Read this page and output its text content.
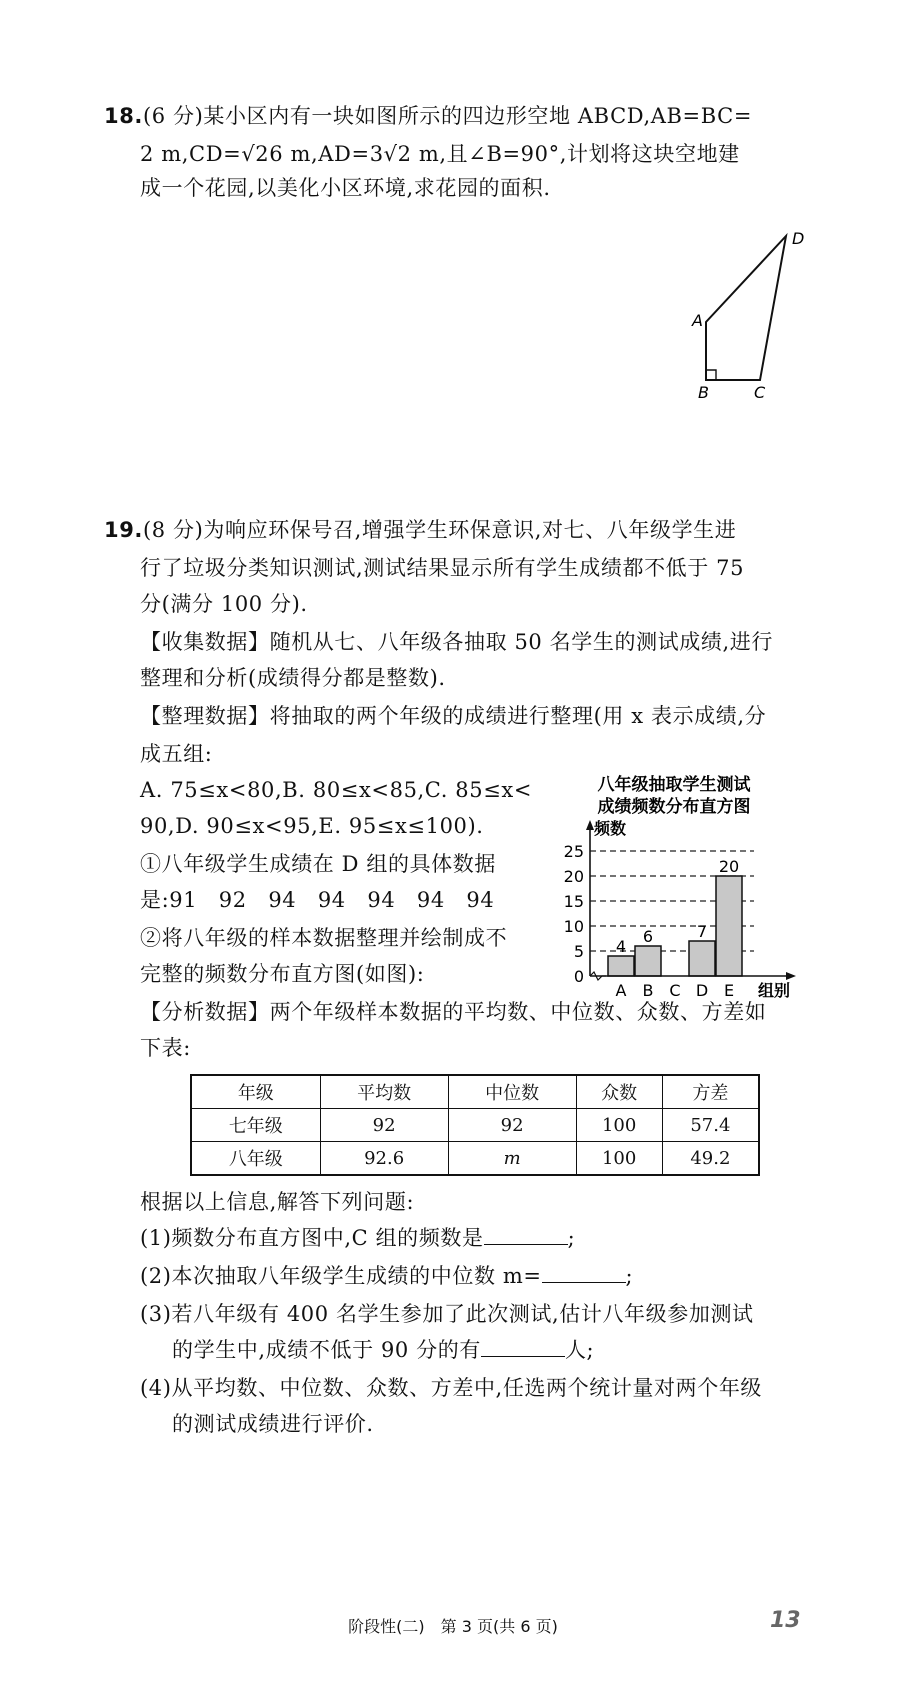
18.(6 分)某小区内有一块如图所示的四边形空地 ABCD,AB=BC=
2 m,CD=√26 m,AD=3√2 m,且∠B=90°,计划将这块空地建
成一个花园,以美化小区环境,求花园的面积.
A
B	C
D
19.(8 分)为响应环保号召,增强学生环保意识,对七、八年级学生进
行了垃圾分类知识测试,测试结果显示所有学生成绩都不低于 75
分(满分 100 分).
【收集数据】随机从七、八年级各抽取 50 名学生的测试成绩,进行
整理和分析(成绩得分都是整数).
【整理数据】将抽取的两个年级的成绩进行整理(用 x 表示成绩,分
成五组:
A. 75≤x<80,B. 80≤x<85,C. 85≤x<
90,D. 90≤x<95,E. 95≤x≤100).
①八年级学生成绩在 D 组的具体数据
是:91　92　94　94　94　94　94
②将八年级的样本数据整理并绘制成不
完整的频数分布直方图(如图):
八年级抽取学生测试
成绩频数分布直方图
频数
组别
0
5
10
15
20
25
4
A
6
B C
7
D
20
E
【分析数据】两个年级样本数据的平均数、中位数、众数、方差如
下表:
年级	平均数	中位数	众数	方差
七年级	92	92	100	57.4
八年级	92.6	m	100	49.2
根据以上信息,解答下列问题:
(1)频数分布直方图中,C 组的频数是	;
(2)本次抽取八年级学生成绩的中位数 m=	;
(3)若八年级有 400 名学生参加了此次测试,估计八年级参加测试
的学生中,成绩不低于 90 分的有	人;
(4)从平均数、中位数、众数、方差中,任选两个统计量对两个年级
的测试成绩进行评价.
阶段性(二)　第 3 页(共 6 页)	13
